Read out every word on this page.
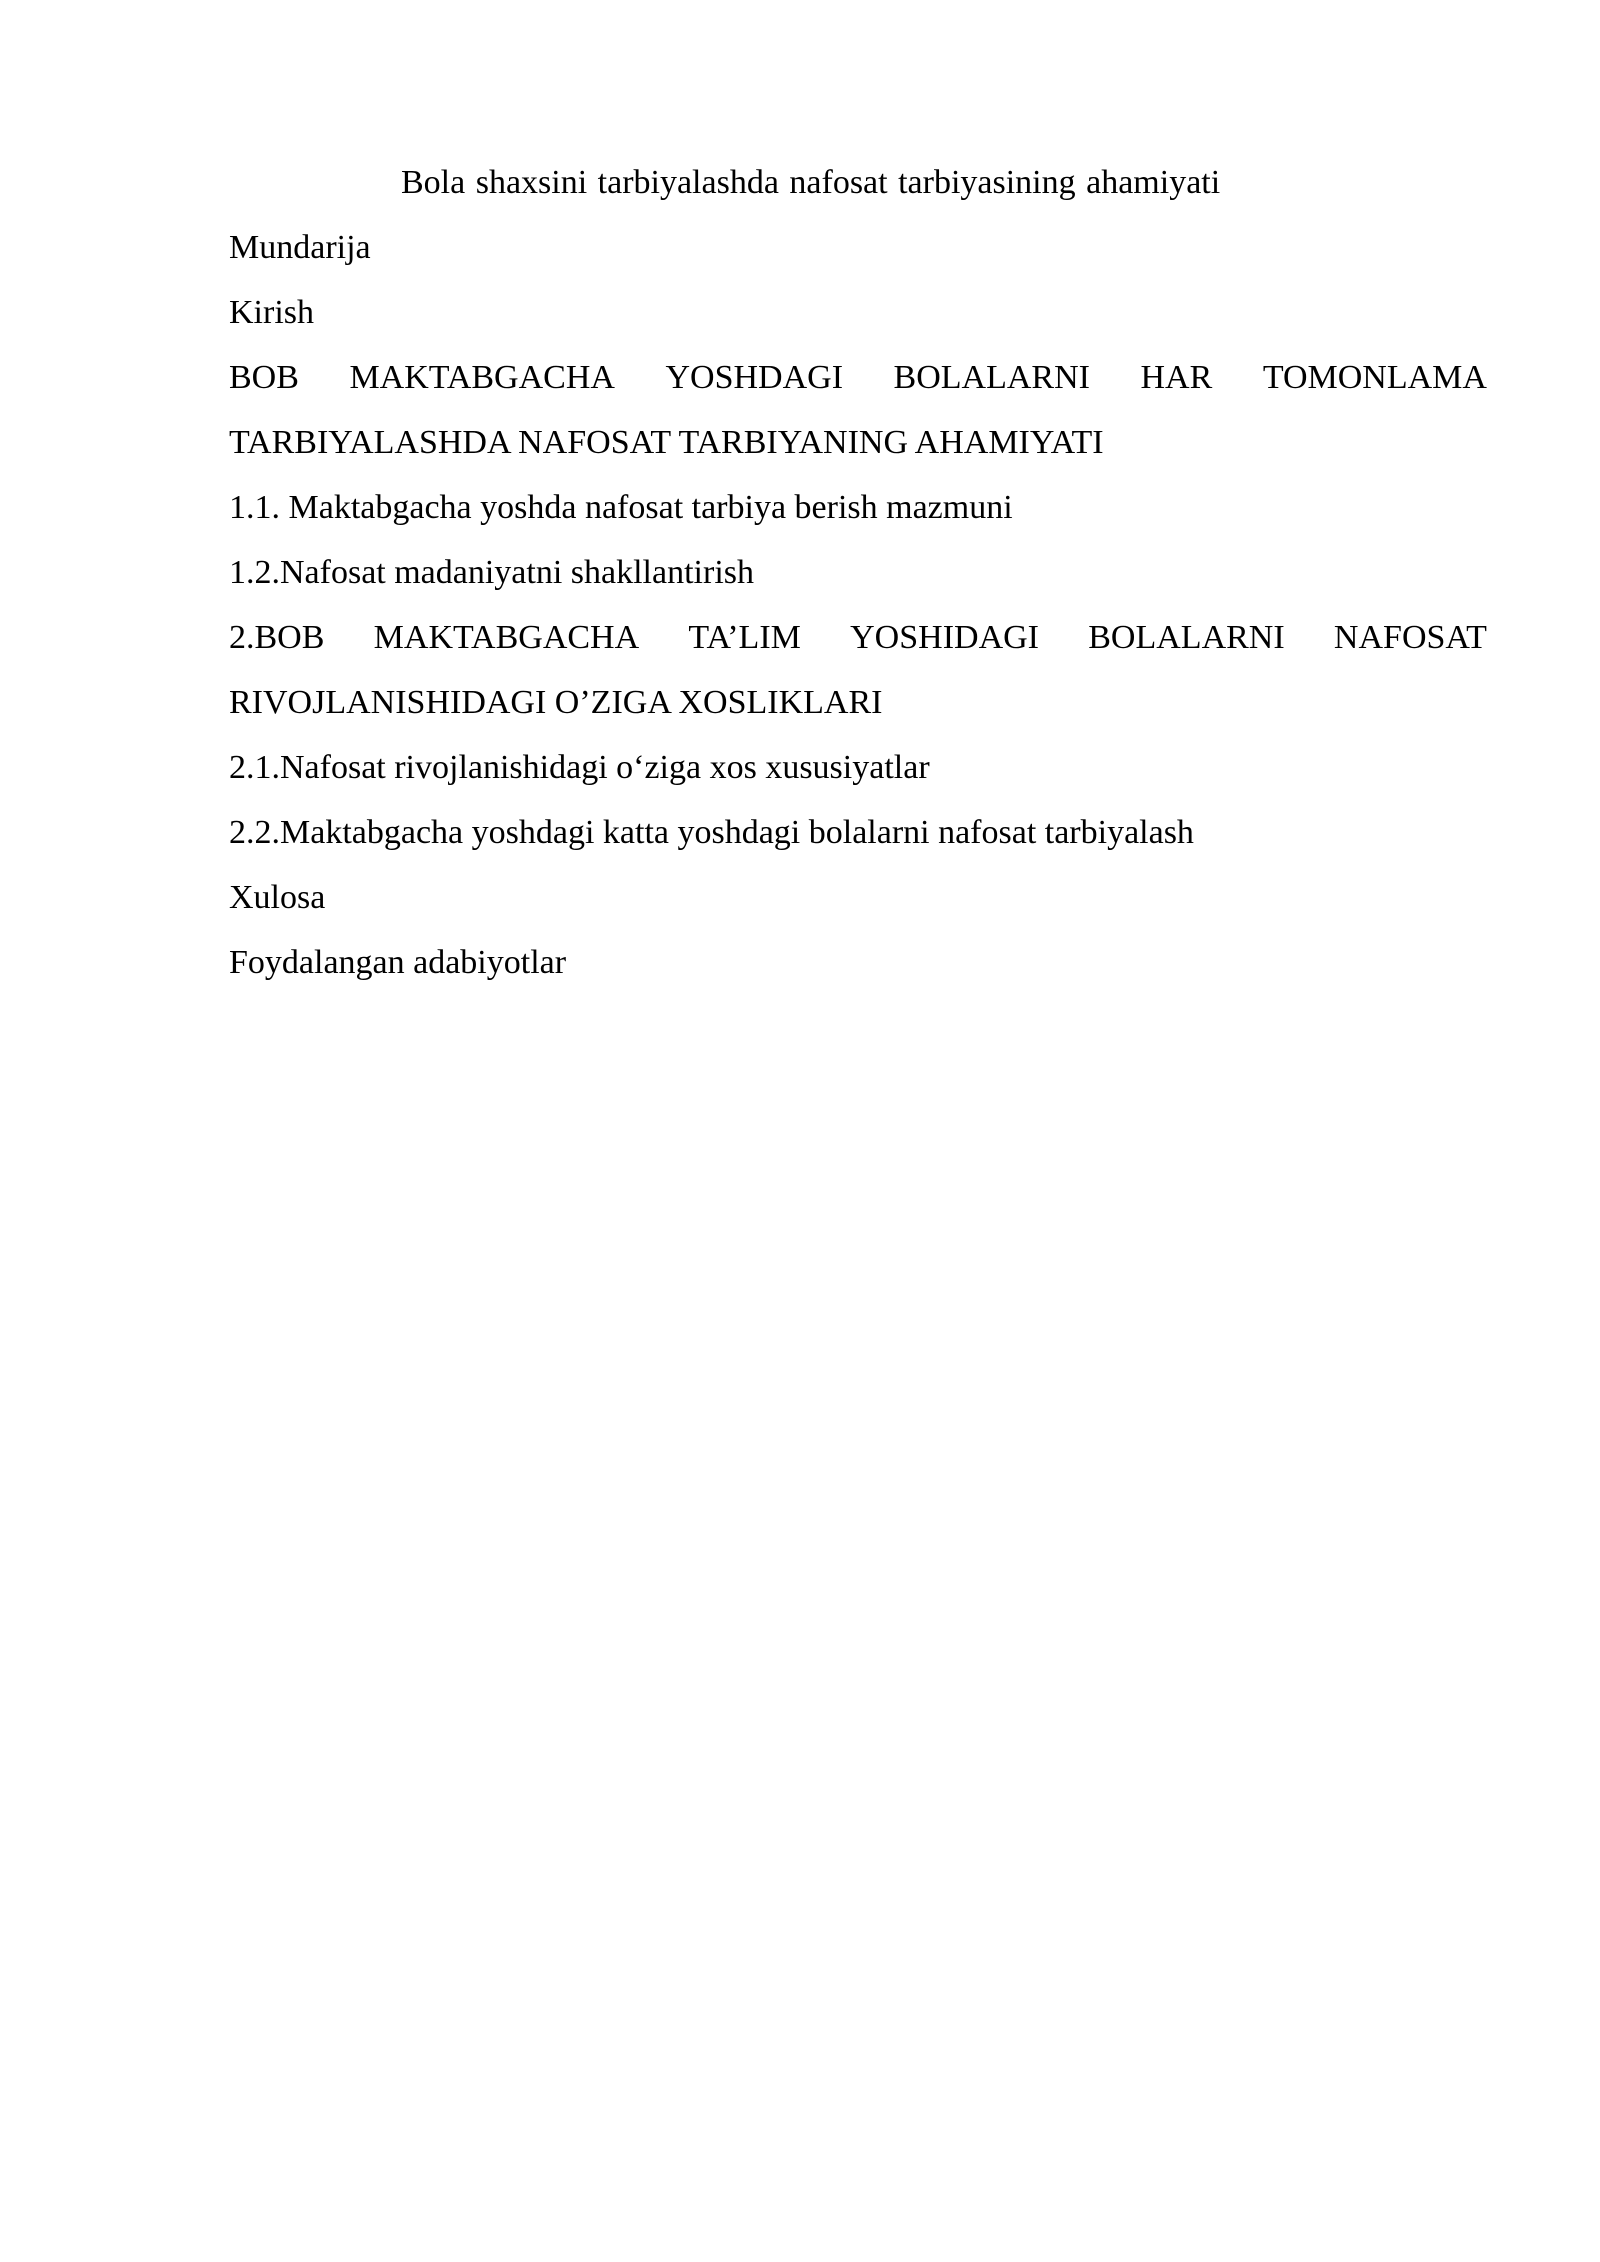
Bola shaxsini tarbiyalashda nafosat tarbiyasining ahamiyati
Mundarija
Kirish
BOB MAKTABGACHA YOSHDAGI BOLALARNI HAR TOMONLAMA
TARBIYALASHDA NAFOSAT TARBIYANING AHAMIYATI
1.1. Maktabgacha yoshda nafosat tarbiya berish mazmuni
1.2.Nafosat madaniyatni shakllantirish
2.BOB MAKTABGACHA TA’LIM YOSHIDAGI BOLALARNI NAFOSAT
RIVOJLANISHIDAGI O’ZIGA XOSLIKLARI
2.1.Nafosat rivojlanishidagi o‘ziga xos xususiyatlar
2.2.Maktabgacha yoshdagi katta yoshdagi bolalarni nafosat tarbiyalash
Xulosa
Foydalangan adabiyotlar
